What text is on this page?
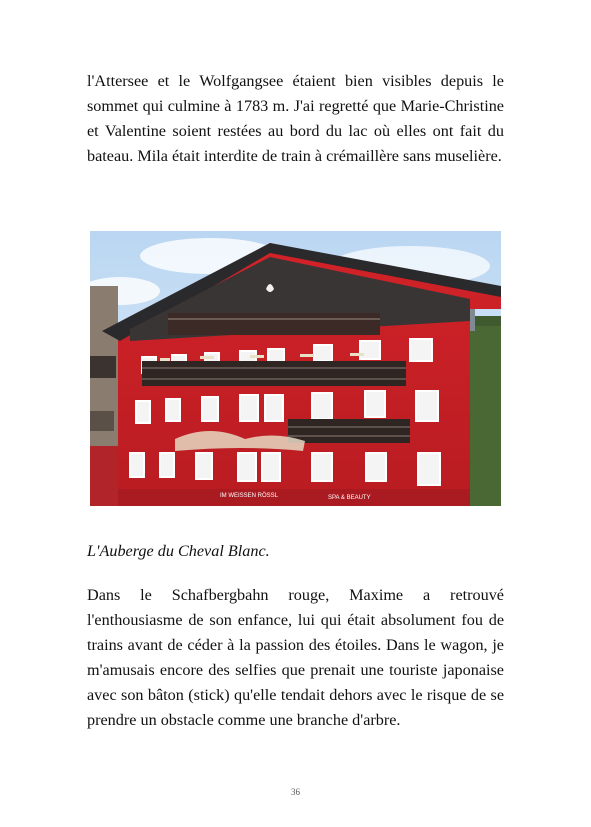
l'Attersee et le Wolfgangsee étaient bien visibles depuis le sommet qui culmine à 1783 m. J'ai regretté que Marie-Christine et Valentine soient restées au bord du lac où elles ont fait du bateau. Mila était interdite de train à crémaillère sans muselière.

IM WEISSEN RÖSSL	SPA & BEAUTY

L'Auberge du Cheval Blanc.

Dans le Schafbergbahn rouge, Maxime a retrouvé l'enthousiasme de son enfance, lui qui était absolument fou de trains avant de céder à la passion des étoiles. Dans le wagon, je m'amusais encore des selfies que prenait une touriste japonaise avec son bâton (stick) qu'elle tendait dehors avec le risque de se prendre un obstacle comme une branche d'arbre.

36
